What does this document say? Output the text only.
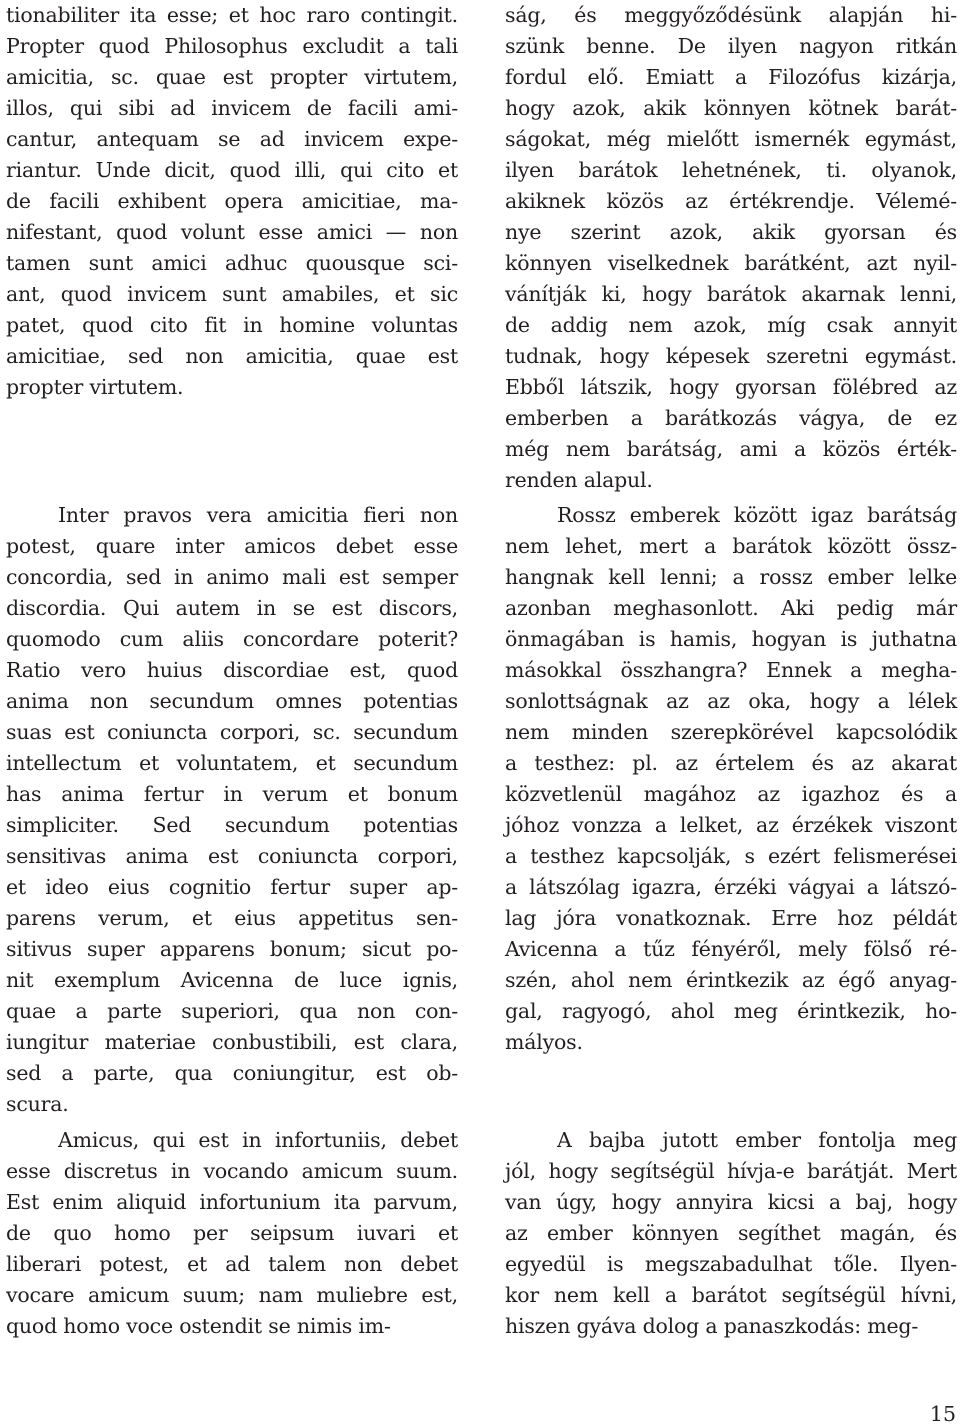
tionabiliter ita esse; et hoc raro contingit.
Propter quod Philosophus excludit a tali
amicitia, sc. quae est propter virtutem,
illos, qui sibi ad invicem de facili ami-
cantur, antequam se ad invicem expe-
riantur. Unde dicit, quod illi, qui cito et
de facili exhibent opera amicitiae, ma-
nifestant, quod volunt esse amici — non
tamen sunt amici adhuc quousque sci-
ant, quod invicem sunt amabiles, et sic
patet, quod cito fit in homine voluntas
amicitiae, sed non amicitia, quae est
propter virtutem.
Inter pravos vera amicitia fieri non
potest, quare inter amicos debet esse
concordia, sed in animo mali est semper
discordia. Qui autem in se est discors,
quomodo cum aliis concordare poterit?
Ratio vero huius discordiae est, quod
anima non secundum omnes potentias
suas est coniuncta corpori, sc. secundum
intellectum et voluntatem, et secundum
has anima fertur in verum et bonum
simpliciter. Sed secundum potentias
sensitivas anima est coniuncta corpori,
et ideo eius cognitio fertur super ap-
parens verum, et eius appetitus sen-
sitivus super apparens bonum; sicut po-
nit exemplum Avicenna de luce ignis,
quae a parte superiori, qua non con-
iungitur materiae conbustibili, est clara,
sed a parte, qua coniungitur, est ob-
scura.
Amicus, qui est in infortuniis, debet
esse discretus in vocando amicum suum.
Est enim aliquid infortunium ita parvum,
de quo homo per seipsum iuvari et
liberari potest, et ad talem non debet
vocare amicum suum; nam muliebre est,
quod homo voce ostendit se nimis im-
ság, és meggyőződésünk alapján hi-
szünk benne. De ilyen nagyon ritkán
fordul elő. Emiatt a Filozófus kizárja,
hogy azok, akik könnyen kötnek barát-
ságokat, még mielőtt ismernék egymást,
ilyen barátok lehetnének, ti. olyanok,
akiknek közös az értékrendje. Vélemé-
nye szerint azok, akik gyorsan és
könnyen viselkednek barátként, azt nyil-
vánítják ki, hogy barátok akarnak lenni,
de addig nem azok, míg csak annyit
tudnak, hogy képesek szeretni egymást.
Ebből látszik, hogy gyorsan fölébred az
emberben a barátkozás vágya, de ez
még nem barátság, ami a közös érték-
renden alapul.
Rossz emberek között igaz barátság
nem lehet, mert a barátok között össz-
hangnak kell lenni; a rossz ember lelke
azonban meghasonlott. Aki pedig már
önmagában is hamis, hogyan is juthatna
másokkal összhangra? Ennek a megha-
sonlottságnak az az oka, hogy a lélek
nem minden szerepkörével kapcsolódik
a testhez: pl. az értelem és az akarat
közvetlenül magához az igazhoz és a
jóhoz vonzza a lelket, az érzékek viszont
a testhez kapcsolják, s ezért felismerései
a látszólag igazra, érzéki vágyai a látszó-
lag jóra vonatkoznak. Erre hoz példát
Avicenna a tűz fényéről, mely fölső ré-
szén, ahol nem érintkezik az égő anyag-
gal, ragyogó, ahol meg érintkezik, ho-
mályos.
A bajba jutott ember fontolja meg
jól, hogy segítségül hívja-e barátját. Mert
van úgy, hogy annyira kicsi a baj, hogy
az ember könnyen segíthet magán, és
egyedül is megszabadulhat tőle. Ilyen-
kor nem kell a barátot segítségül hívni,
hiszen gyáva dolog a panaszkodás: meg-
15
